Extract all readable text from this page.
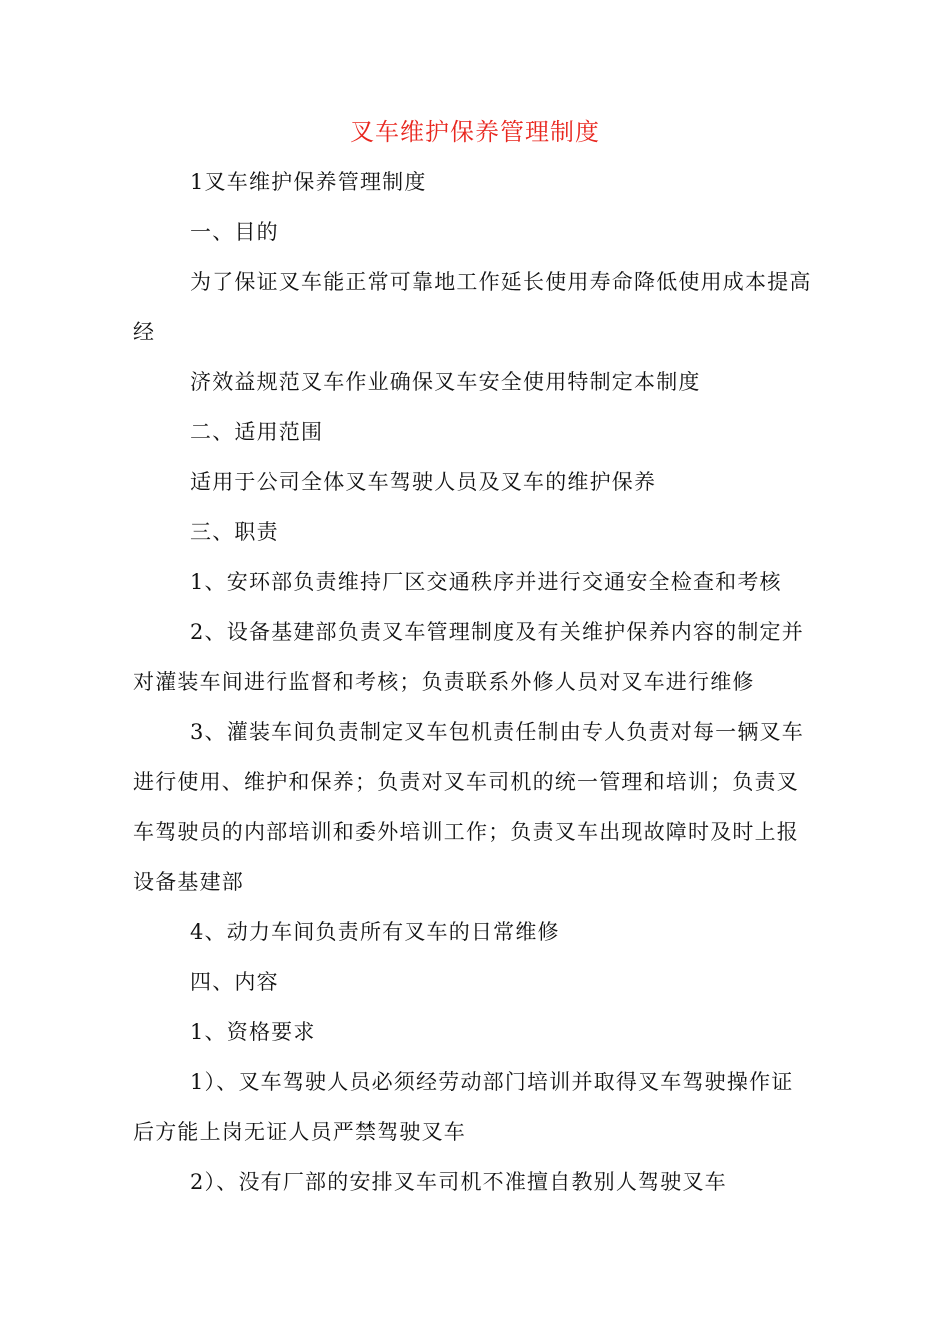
叉车维护保养管理制度

1叉车维护保养管理制度

一、目的

为了保证叉车能正常可靠地工作延长使用寿命降低使用成本提高

经

济效益规范叉车作业确保叉车安全使用特制定本制度

二、适用范围

适用于公司全体叉车驾驶人员及叉车的维护保养

三、职责

1、安环部负责维持厂区交通秩序并进行交通安全检查和考核

2、设备基建部负责叉车管理制度及有关维护保养内容的制定并

对灌装车间进行监督和考核；负责联系外修人员对叉车进行维修

3、灌装车间负责制定叉车包机责任制由专人负责对每一辆叉车

进行使用、维护和保养；负责对叉车司机的统一管理和培训；负责叉

车驾驶员的内部培训和委外培训工作；负责叉车出现故障时及时上报

设备基建部

4、动力车间负责所有叉车的日常维修

四、内容

1、资格要求

1）、叉车驾驶人员必须经劳动部门培训并取得叉车驾驶操作证

后方能上岗无证人员严禁驾驶叉车

2）、没有厂部的安排叉车司机不准擅自教别人驾驶叉车
